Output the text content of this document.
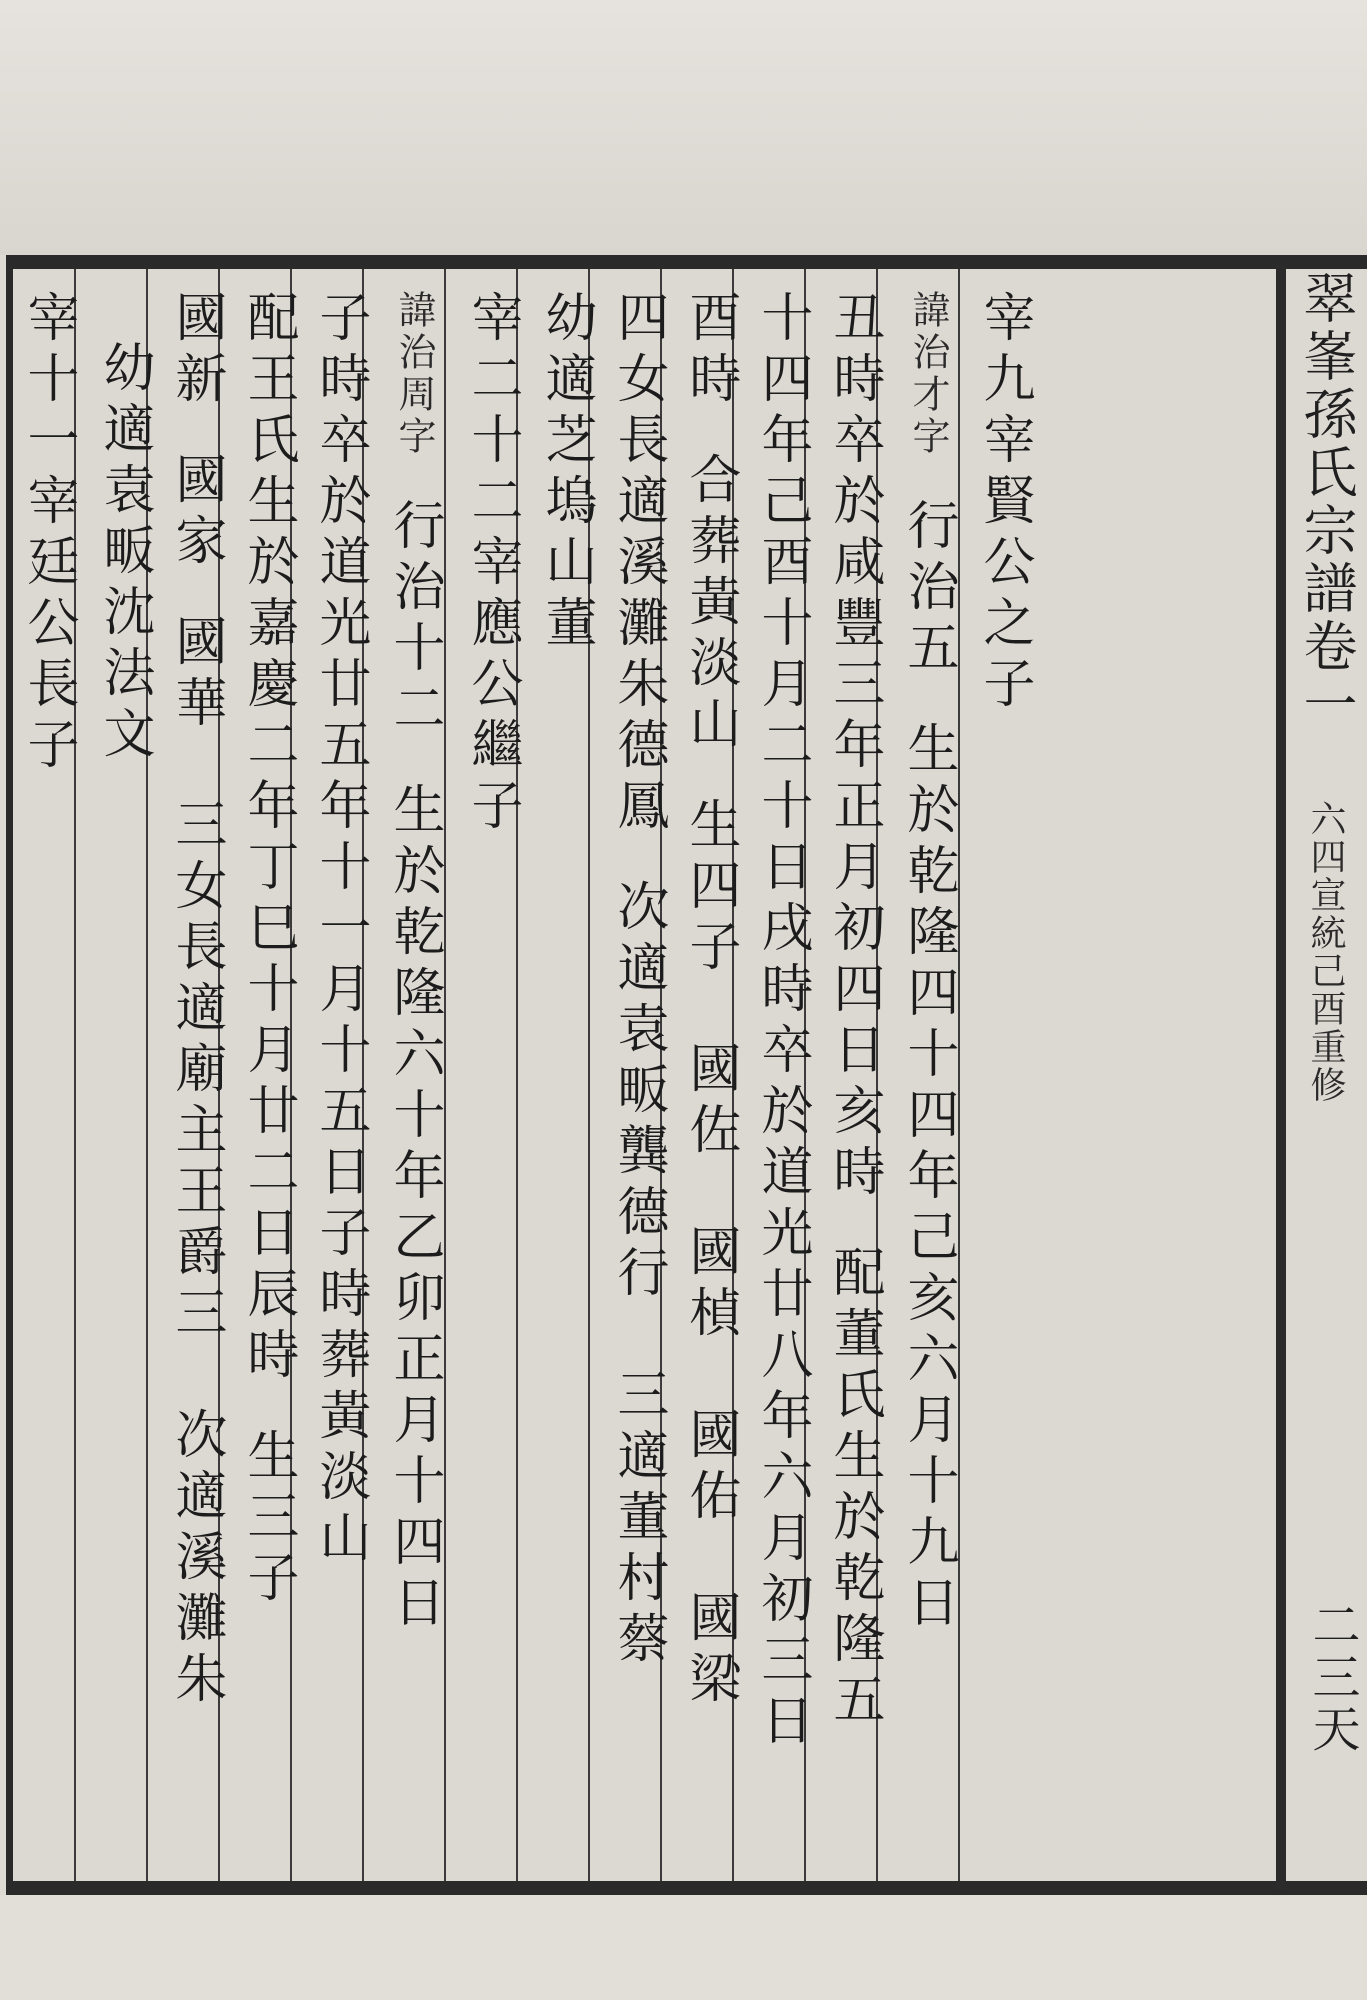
翠峯孫氏宗譜卷一
六四宣統己酉重修
二三天
宰九宰賢公之子
諱治才字行治五生於乾隆四十四年己亥六月十九日
丑時卒於咸豐三年正月初四日亥時配董氏生於乾隆五
十四年己酉十月二十日戌時卒於道光廿八年六月初三日
酉時合葬黃淡山生四子　國佐　國楨　國佑　國梁
四女長適溪灘朱德鳳次適袁畈龔德行　三適董村蔡
幼適芝塢山董
宰二十二宰應公繼子
諱治周字行治十二生於乾隆六十年乙卯正月十四日
子時卒於道光廿五年十一月十五日子時葬黃淡山
配王氏生於嘉慶二年丁巳十月廿二日辰時生三子
國新國家國華　三女長適廟主王爵三　次適溪灘朱
幼適袁畈沈法文
宰十一宰廷公長子
